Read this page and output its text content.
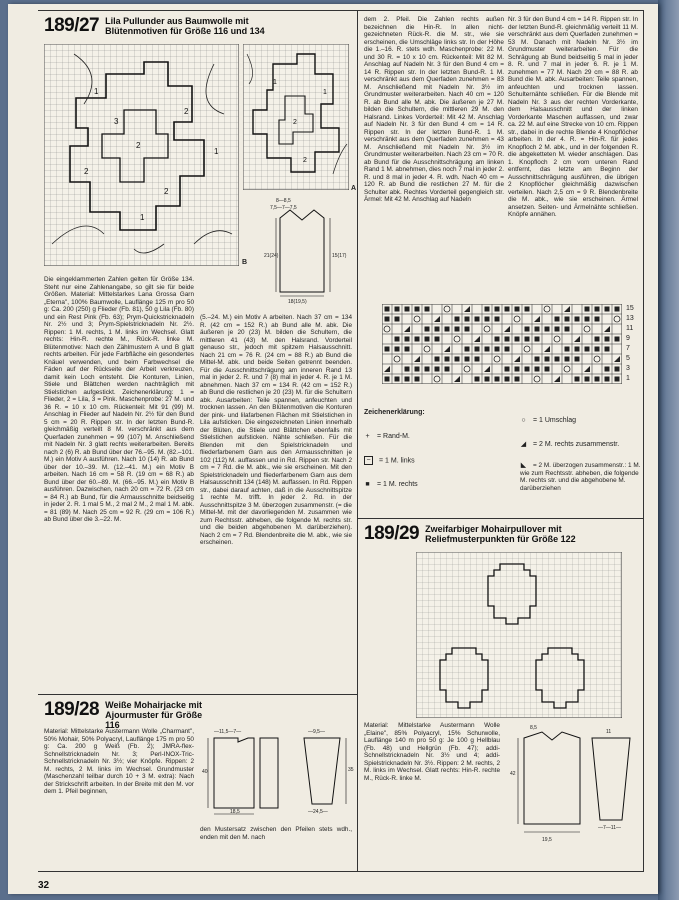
189/27 Lila Pullunder aus Baumwolle mit Blütenmotiven für Größe 116 und 134
1
2
2
2
2
3
1
1
B
1
2
1
2
A
8—8,5
7,5—7—7,5
21(24)	15(17)
18(19,5)
Die eingeklammerten Zahlen gelten für Größe 134. Steht nur eine Zahlenangabe, so gilt sie für beide Größen. Material: Mittelstarkes Lana Grossa Garn „Eterna", 100% Baumwolle, Lauflänge 125 m pro 50 g: Ca. 200 (250) g Flieder (Fb. 81), 50 g Lila (Fb. 80) und ein Rest Pink (Fb. 63); Prym-Quickstricknadeln Nr. 2½ und 3; Prym-Spielstricknadeln Nr. 2½. Rippen: 1 M. rechts, 1 M. links im Wechsel. Glatt rechts: Hin-R. rechte M., Rück-R. linke M. Blütenmotive: Nach den Zählmustern A und B glatt rechts arbeiten. Für jede Farbfläche ein gesondertes Knäuel verwenden, und beim Farbwechsel die Fäden auf der Rückseite der Arbeit verkreuzen, damit kein Loch entsteht. Die Konturen, Linien, Stiele und Blättchen werden nachträglich mit Stielstichen aufgestickt. Zeichenerklärung: 1 = Flieder, 2 = Lila, 3 = Pink. Maschenprobe: 27 M. und 36 R. = 10 x 10 cm. Rückenteil: Mit 91 (99) M. Anschlag in Flieder auf Nadeln Nr. 2½ für den Bund 5 cm = 20 R. Rippen str. In der letzten Bund-R. gleichmäßig verteilt 8 M. verschränkt aus dem Querfaden zunehmen = 99 (107) M. Anschließend mit Nadeln Nr. 3 glatt rechts weiterarbeiten. Bereits nach 2 (6) R. ab Bund über der 76.–95. M. (82.–101. M.) ein Motiv A ausführen. Nach 10 (14) R. ab Bund über der 10.–39. M. (12.–41. M.) ein Motiv B arbeiten. Nach 16 cm = 58 R. (19 cm = 68 R.) ab Bund über der 60.–89. M. (66.–95. M.) ein Motiv B ausführen. Dazwischen, nach 20 cm = 72 R. (23 cm = 84 R.) ab Bund, für die Armausschnitte beidseitig in jeder 2. R. 1 mal 5 M., 2 mal 2 M., 2 mal 1 M. abk. = 81 (89) M. Nach 25 cm = 92 R. (29 cm = 106 R.) ab Bund über die 3.–22. M.
(5.–24. M.) ein Motiv A arbeiten. Nach 37 cm = 134 R. (42 cm = 152 R.) ab Bund alle M. abk. Die äußeren je 20 (23) M. bilden die Schultern, die mittleren 41 (43) M. den Halsrand. Vorderteil genauso str., jedoch mit spitzem Halsausschnitt. Nach 21 cm = 76 R. (24 cm = 88 R.) ab Bund die Mittel-M. abk. und beide Seiten getrennt beenden. Für die Ausschnittschrägung am inneren Rand 13 mal in jeder 2. R. und 7 (8) mal in jeder 4. R. je 1 M. abnehmen. Nach 37 cm = 134 R. (42 cm = 152 R.) ab Bund die restlichen je 20 (23) M. für die Schultern abk. Ausarbeiten: Teile spannen, anfeuchten und trocknen lassen. An den Blütenmotiven die Konturen der pink- und lilafarbenen Flächen mit Stielstichen in Lila aufsticken. Die eingezeichneten Linien innerhalb der Blüten, die Stiele und Blättchen ebenfalls mit Stielstichen aufsticken. Nähte schließen. Für die Blenden mit den Spielstricknadeln und fliederfarbenem Garn aus den Armausschnitten je 102 (112) M. auffassen und in Rd. Rippen str. Nach 2 cm = 7 Rd. die M. abk., wie sie erscheinen. Mit den Spielstricknadeln und fliederfarbenem Garn aus dem Halsausschnitt 134 (148) M. auffassen. In Rd. Rippen str., dabei darauf achten, daß in die Ausschnittspitze 1 rechte M. trifft. In jeder 2. Rd. in der Ausschnittspitze 3 M. überzogen zusammenstr. (= die Mittel-M. mit der davorliegenden M. zusammen wie zum Rechtsstr. abheben, die folgende M. rechts str. und die beiden abgehobenen M. darüberziehen). Nach 2 cm = 7 Rd. Blendenbreite die M. abk., wie sie erscheinen.
189/28 Weiße Mohairjacke mit Ajourmuster für Größe 116
Material: Mittelstarke Austermann Wolle „Charmant", 50% Mohair, 50% Polyacryl, Lauflänge 175 m pro 50 g: Ca. 200 g Weiß (Fb. 2); JMRA-flex-Schnellstricknadeln Nr. 3; Perl-INOX-Tric-Schnellstricknadeln Nr. 3½; vier Knöpfe. Rippen: 2 M. rechts, 2 M. links im Wechsel. Grundmuster (Maschenzahl teilbar durch 10 + 3 M. extra): Nach der Strickschrift arbeiten. In der Breite mit den M. vor dem 1. Pfeil beginnen,
—11,5—7—
40
18,5
—9,5—
35
—24,5—
den Mustersatz zwischen den Pfeilen stets wdh., enden mit den M. nach
dem 2. Pfeil. Die Zahlen rechts außen bezeichnen die Hin-R. In allen nicht-gezeichneten Rück-R. die M. str., wie sie erscheinen, die Umschläge links str. In der Höhe die 1.–16. R. stets wdh. Maschenprobe: 22 M. und 30 R. = 10 x 10 cm. Rückenteil: Mit 82 M. Anschlag auf Nadeln Nr. 3 für den Bund 4 cm = 14 R. Rippen str. In der letzten Bund-R. 1 M. verschränkt aus dem Querfaden zunehmen = 83 M. Anschließend mit Nadeln Nr. 3½ im Grundmuster weiterarbeiten. Nach 40 cm = 120 R. ab Bund alle M. abk. Die äußeren je 27 M. bilden die Schultern, die mittleren 29 M. den Halsrand. Linkes Vorderteil: Mit 42 M. Anschlag auf Nadeln Nr. 3 für den Bund 4 cm = 14 R. Rippen str. In der letzten Bund-R. 1 M. verschränkt aus dem Querfaden zunehmen = 43 M. Anschließend mit Nadeln Nr. 3½ im Grundmuster weiterarbeiten. Nach 23 cm = 70 R. ab Bund für die Ausschnittschrägung am linken Rand 1 M. abnehmen, dies noch 7 mal in jeder 2. R. und 8 mal in jeder 4. R. wdh. Nach 40 cm = 120 R. ab Bund die restlichen 27 M. für die Schulter abk. Rechtes Vorderteil gegengleich str. Ärmel: Mit 42 M. Anschlag auf Nadeln
Nr. 3 für den Bund 4 cm = 14 R. Rippen str. In der letzten Bund-R. gleichmäßig verteilt 11 M. verschränkt aus dem Querfaden zunehmen = 53 M. Danach mit Nadeln Nr. 3½ im Grundmuster weiterarbeiten. Für die Schrägung ab Bund beidseitig 5 mal in jeder 8. R. und 7 mal in jeder 6. R. je 1 M. zunehmen = 77 M. Nach 29 cm = 88 R. ab Bund die M. abk. Ausarbeiten: Teile spannen, anfeuchten und trocknen lassen. Schulternähte schließen. Für die Blende mit Nadeln Nr. 3 aus der rechten Vorderkante, dem Halsausschnitt und der linken Vorderkante Maschen auffassen, und zwar ca. 22 M. auf eine Strecke von 10 cm. Rippen str., dabei in die rechte Blende 4 Knopflöcher arbeiten. In der 4. R. = Hin-R. für jedes Knopfloch 2 M. abk., und in der folgenden R. die abgeketteten M. wieder anschlagen. Das 1. Knopfloch 2 cm vom unteren Rand entfernt, das letzte am Beginn der Ausschnittschrägung ausführen, die übrigen 2 Knopflöcher gleichmäßig dazwischen verteilen. Nach 2,5 cm = 9 R. Blendenbreite die M. abk., wie sie erscheinen. Ärmel ansetzen. Seiten- und Ärmelnähte schließen. Knöpfe annähen.
15
13
11
9
7
5
3
1
Zeichenerklärung:
+ = Rand-M.
− = 1 M. links
■ = 1 M. rechts
○ = 1 Umschlag
◢ = 2 M. rechts zusammenstr.
◣ = 2 M. überzogen zusammenstr.: 1 M. wie zum Rechtsstr. abheben, die folgende M. rechts str. und die abgehobene M. darüberziehen
189/29 Zweifarbiger Mohairpullover mit Reliefmusterpunkten für Größe 122
Material: Mittelstarke Austermann Wolle „Elaine", 85% Polyacryl, 15% Schurwolle, Lauflänge 140 m pro 50 g: Je 100 g Hellblau (Fb. 48) und Hellgrün (Fb. 47); addi-Schnellstricknadeln Nr. 3½ und 4; addi-Spielstricknadeln Nr. 3½. Rippen: 2 M. rechts, 2 M. links im Wechsel. Glatt rechts: Hin-R. rechte M., Rück-R. linke M.
8,5
11
42
—7—11—
19,5
32
